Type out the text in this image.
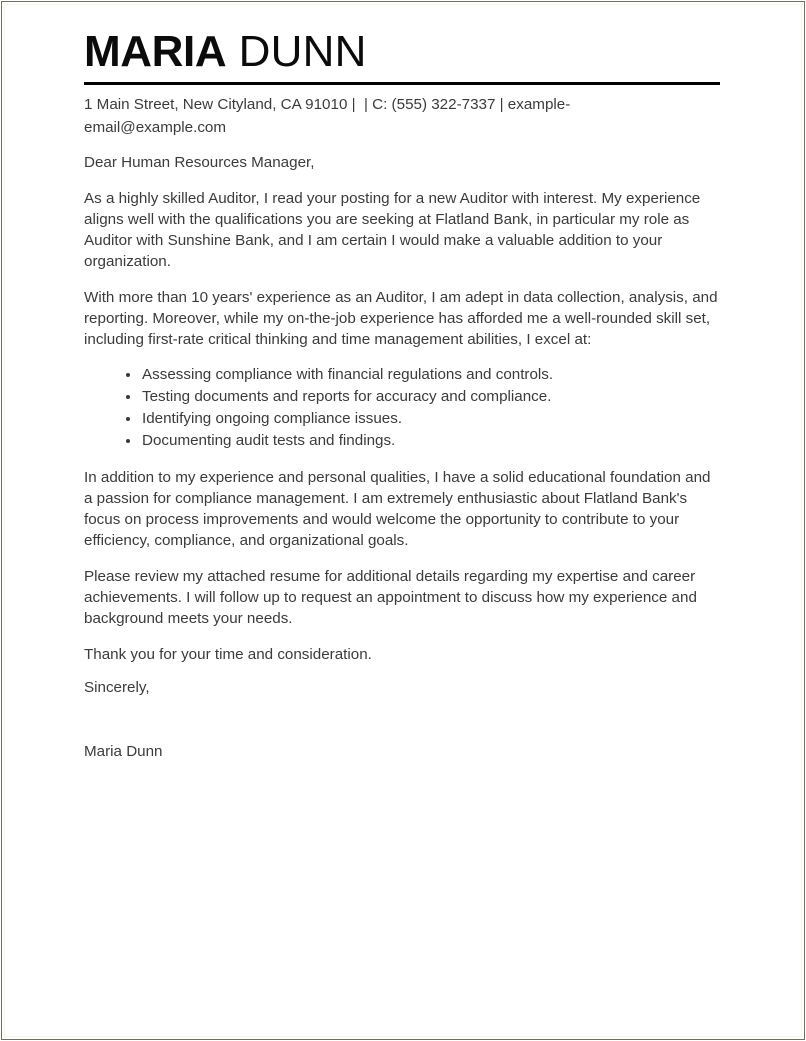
MARIA DUNN

1 Main Street, New Cityland, CA 91010 |  | C: (555) 322-7337 | example-email@example.com

Dear Human Resources Manager,

As a highly skilled Auditor, I read your posting for a new Auditor with interest. My experience aligns well with the qualifications you are seeking at Flatland Bank, in particular my role as Auditor with Sunshine Bank, and I am certain I would make a valuable addition to your organization.

With more than 10 years' experience as an Auditor, I am adept in data collection, analysis, and reporting. Moreover, while my on-the-job experience has afforded me a well-rounded skill set, including first-rate critical thinking and time management abilities, I excel at:

Assessing compliance with financial regulations and controls.
Testing documents and reports for accuracy and compliance.
Identifying ongoing compliance issues.
Documenting audit tests and findings.

In addition to my experience and personal qualities, I have a solid educational foundation and a passion for compliance management. I am extremely enthusiastic about Flatland Bank's focus on process improvements and would welcome the opportunity to contribute to your efficiency, compliance, and organizational goals.

Please review my attached resume for additional details regarding my expertise and career achievements. I will follow up to request an appointment to discuss how my experience and background meets your needs.

Thank you for your time and consideration.

Sincerely,

Maria Dunn
